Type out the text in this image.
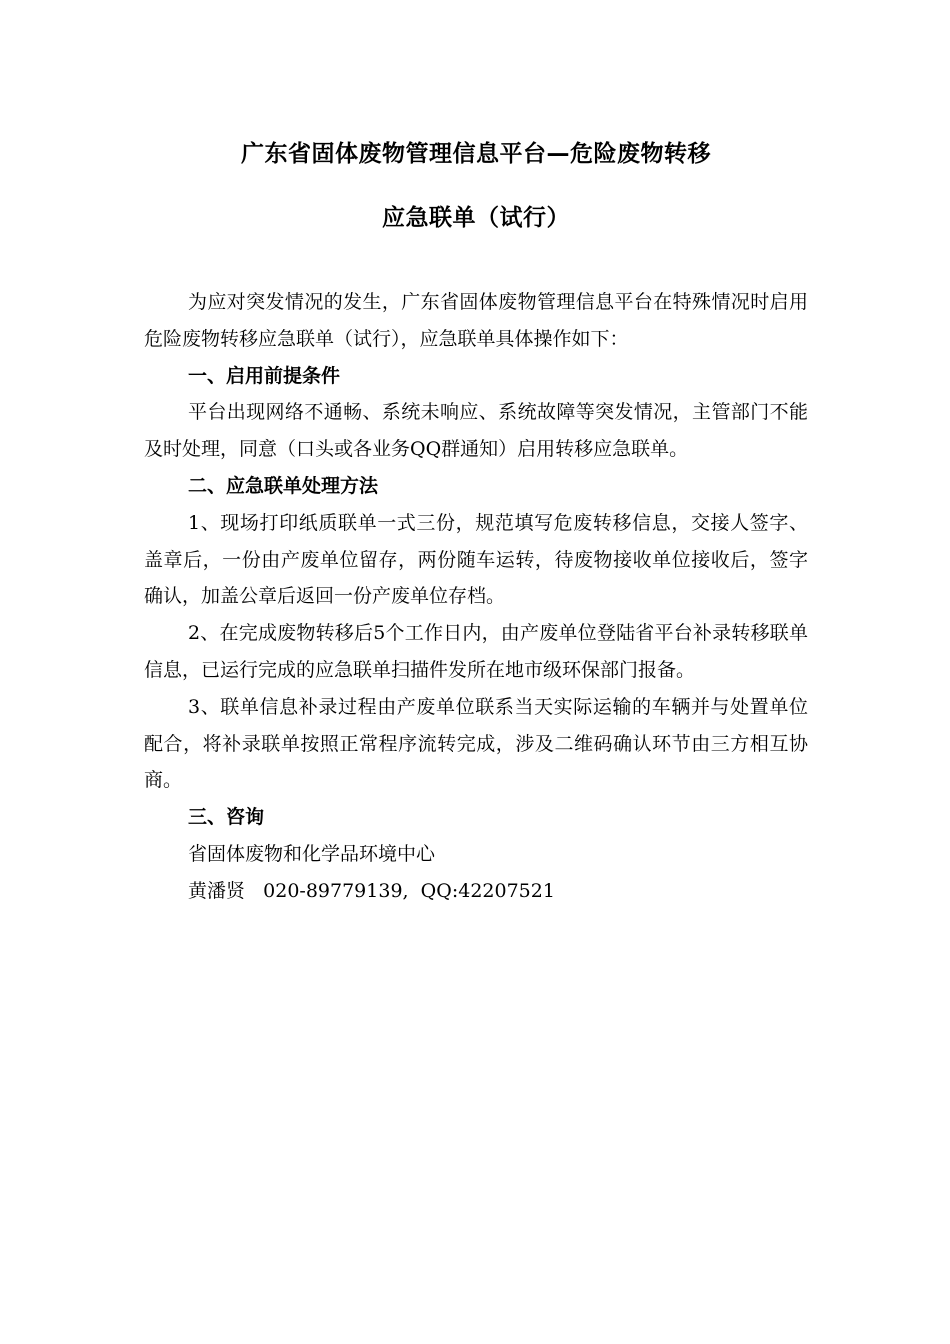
广东省固体废物管理信息平台—危险废物转移
应急联单（试行）

为应对突发情况的发生，广东省固体废物管理信息平台在特殊情况时启用危险废物转移应急联单（试行），应急联单具体操作如下：

一、启用前提条件

平台出现网络不通畅、系统未响应、系统故障等突发情况，主管部门不能及时处理，同意（口头或各业务QQ群通知）启用转移应急联单。

二、应急联单处理方法

1、现场打印纸质联单一式三份，规范填写危废转移信息，交接人签字、盖章后，一份由产废单位留存，两份随车运转，待废物接收单位接收后，签字确认，加盖公章后返回一份产废单位存档。

2、在完成废物转移后5个工作日内，由产废单位登陆省平台补录转移联单信息，已运行完成的应急联单扫描件发所在地市级环保部门报备。

3、联单信息补录过程由产废单位联系当天实际运输的车辆并与处置单位配合，将补录联单按照正常程序流转完成，涉及二维码确认环节由三方相互协商。

三、咨询

省固体废物和化学品环境中心

黄潘贤 020-89779139, QQ:42207521
